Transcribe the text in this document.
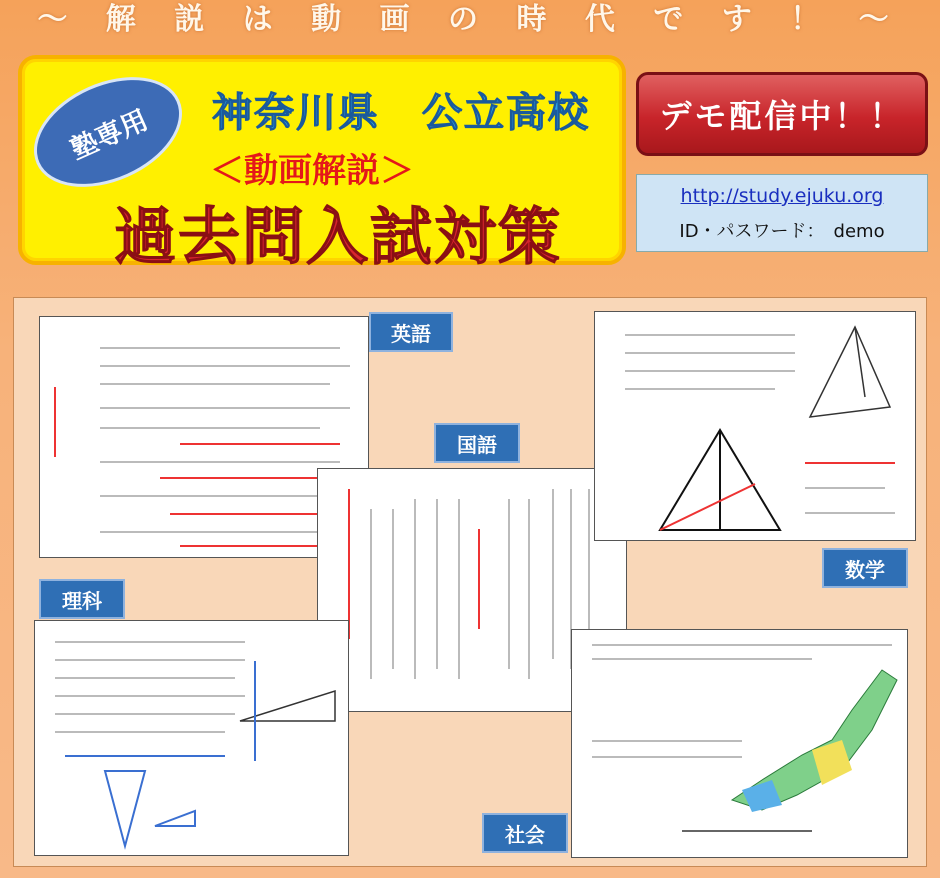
～ 解 説 は 動 画 の 時 代 で す ！ ～
塾専用	神奈川県　公立高校
＜動画解説＞
過去問入試対策
デモ配信中！！
http://study.ejuku.org
ID・パスワード：　demo
英語
国語
数学
理科
社会
